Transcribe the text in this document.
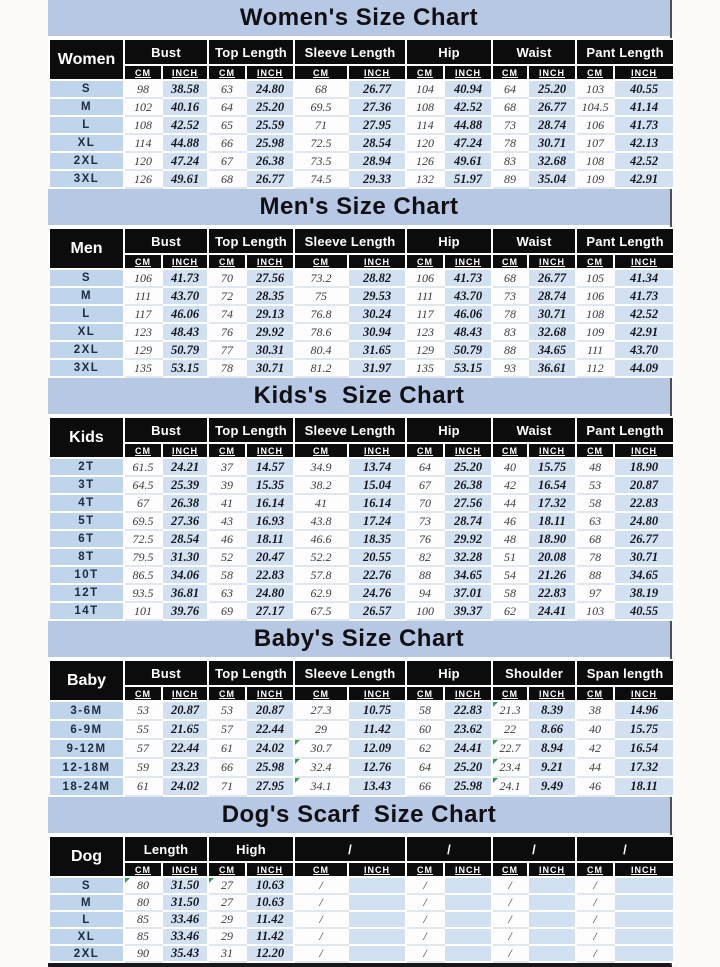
Women's Size Chart
Women	Bust		Top Length		Sleeve Length		Hip		Waist		Pant Length	
	CM	INCH	CM	INCH	CM	INCH	CM	INCH	CM	INCH	CM	INCH
S	98	38.58	63	24.80	68	26.77	104	40.94	64	25.20	103	40.55
M	102	40.16	64	25.20	69.5	27.36	108	42.52	68	26.77	104.5	41.14
L	108	42.52	65	25.59	71	27.95	114	44.88	73	28.74	106	41.73
XL	114	44.88	66	25.98	72.5	28.54	120	47.24	78	30.71	107	42.13
2XL	120	47.24	67	26.38	73.5	28.94	126	49.61	83	32.68	108	42.52
3XL	126	49.61	68	26.77	74.5	29.33	132	51.97	89	35.04	109	42.91
Men's Size Chart
Men	Bust		Top Length		Sleeve Length		Hip		Waist		Pant Length	
	CM	INCH	CM	INCH	CM	INCH	CM	INCH	CM	INCH	CM	INCH
S	106	41.73	70	27.56	73.2	28.82	106	41.73	68	26.77	105	41.34
M	111	43.70	72	28.35	75	29.53	111	43.70	73	28.74	106	41.73
L	117	46.06	74	29.13	76.8	30.24	117	46.06	78	30.71	108	42.52
XL	123	48.43	76	29.92	78.6	30.94	123	48.43	83	32.68	109	42.91
2XL	129	50.79	77	30.31	80.4	31.65	129	50.79	88	34.65	111	43.70
3XL	135	53.15	78	30.71	81.2	31.97	135	53.15	93	36.61	112	44.09
Kids's  Size Chart
Kids	Bust		Top Length		Sleeve Length		Hip		Waist		Pant Length	
	CM	INCH	CM	INCH	CM	INCH	CM	INCH	CM	INCH	CM	INCH
2T	61.5	24.21	37	14.57	34.9	13.74	64	25.20	40	15.75	48	18.90
3T	64.5	25.39	39	15.35	38.2	15.04	67	26.38	42	16.54	53	20.87
4T	67	26.38	41	16.14	41	16.14	70	27.56	44	17.32	58	22.83
5T	69.5	27.36	43	16.93	43.8	17.24	73	28.74	46	18.11	63	24.80
6T	72.5	28.54	46	18.11	46.6	18.35	76	29.92	48	18.90	68	26.77
8T	79.5	31.30	52	20.47	52.2	20.55	82	32.28	51	20.08	78	30.71
10T	86.5	34.06	58	22.83	57.8	22.76	88	34.65	54	21.26	88	34.65
12T	93.5	36.81	63	24.80	62.9	24.76	94	37.01	58	22.83	97	38.19
14T	101	39.76	69	27.17	67.5	26.57	100	39.37	62	24.41	103	40.55
Baby's Size Chart
Baby	Bust		Top Length		Sleeve Length		Hip		Shoulder		Span length	
	CM	INCH	CM	INCH	CM	INCH	CM	INCH	CM	INCH	CM	INCH
3-6M	53	20.87	53	20.87	27.3	10.75	58	22.83	21.3	8.39	38	14.96
6-9M	55	21.65	57	22.44	29	11.42	60	23.62	22	8.66	40	15.75
9-12M	57	22.44	61	24.02	30.7	12.09	62	24.41	22.7	8.94	42	16.54
12-18M	59	23.23	66	25.98	32.4	12.76	64	25.20	23.4	9.21	44	17.32
18-24M	61	24.02	71	27.95	34.1	13.43	66	25.98	24.1	9.49	46	18.11
Dog's Scarf  Size Chart
Dog	Length		High		/		/		/		/	
	CM	INCH	CM	INCH	CM	INCH	CM	INCH	CM	INCH	CM	INCH
S	80	31.50	27	10.63	/		/		/		/	
M	80	31.50	27	10.63	/		/		/		/	
L	85	33.46	29	11.42	/		/		/		/	
XL	85	33.46	29	11.42	/		/		/		/	
2XL	90	35.43	31	12.20	/		/		/		/	
